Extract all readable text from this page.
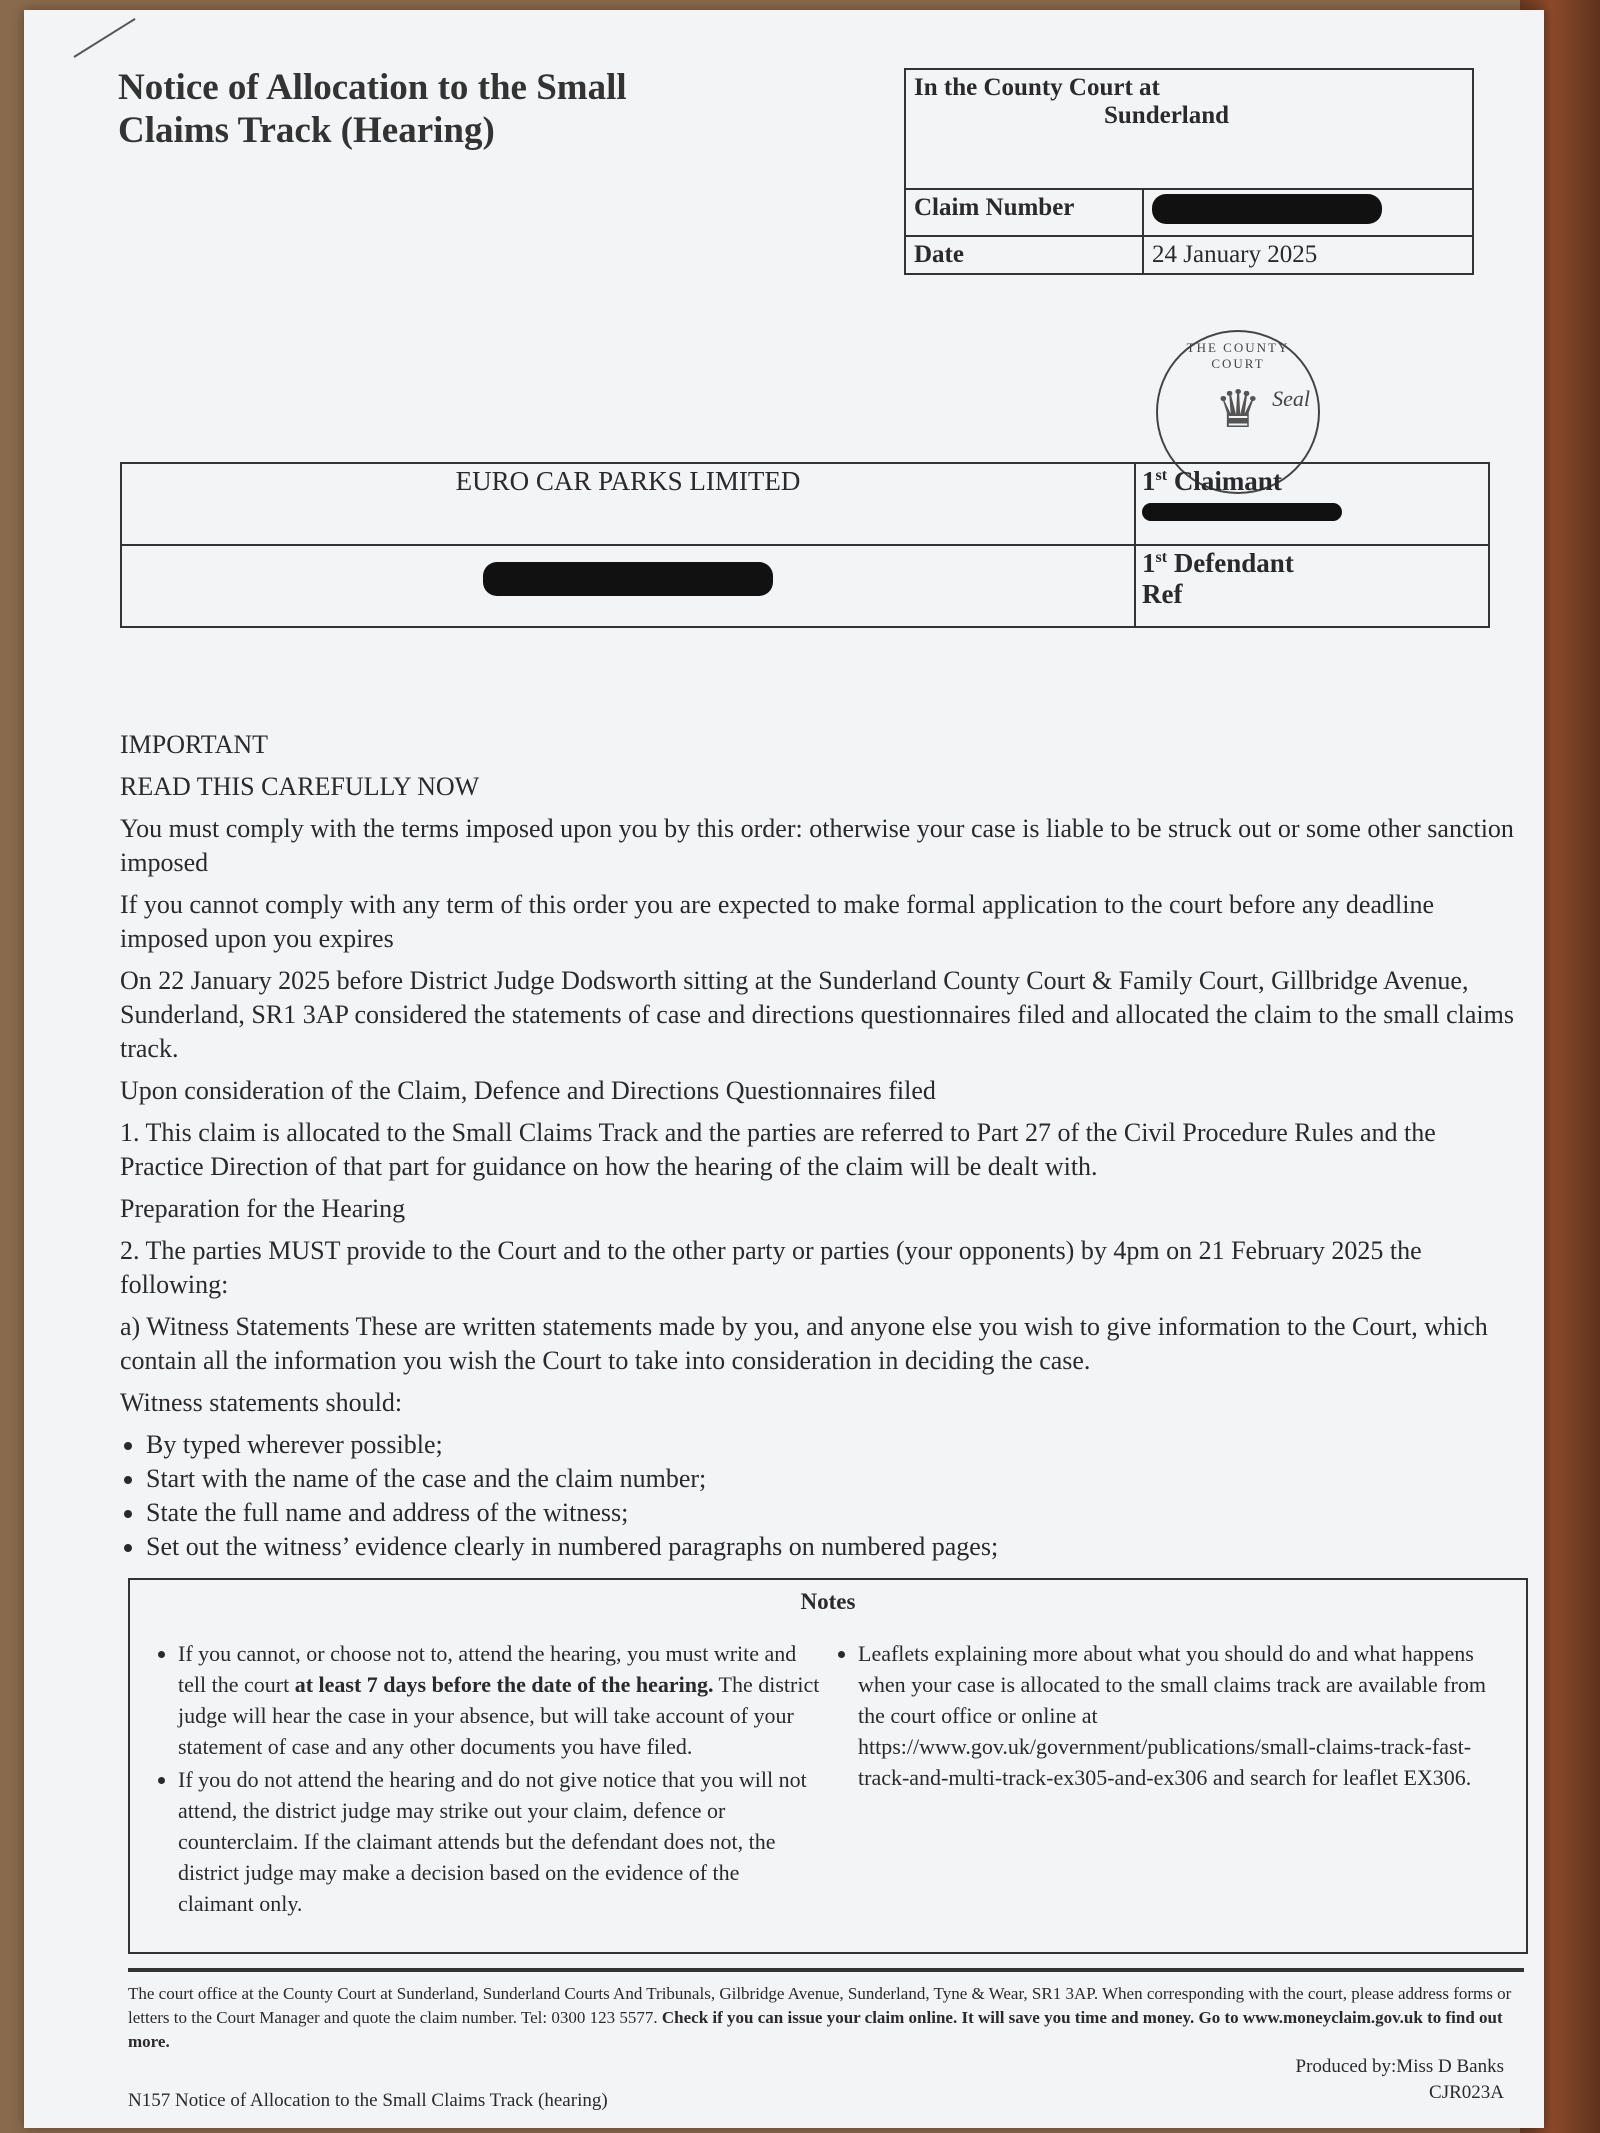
Notice of Allocation to the Small
Claims Track (Hearing)
In the County Court at
Sunderland	

Claim Number	
Date	24 January 2025
THE COUNTY COURT
♛ Seal
EURO CAR PARKS LIMITED	1st Claimant

	1st Defendant
Ref

IMPORTANT

READ THIS CAREFULLY NOW

You must comply with the terms imposed upon you by this order: otherwise your case is liable to be struck out or some other sanction imposed

If you cannot comply with any term of this order you are expected to make formal application to the court before any deadline imposed upon you expires

On 22 January 2025 before District Judge Dodsworth sitting at the Sunderland County Court & Family Court, Gillbridge Avenue, Sunderland, SR1 3AP considered the statements of case and directions questionnaires filed and allocated the claim to the small claims track.

Upon consideration of the Claim, Defence and Directions Questionnaires filed

1. This claim is allocated to the Small Claims Track and the parties are referred to Part 27 of the Civil Procedure Rules and the Practice Direction of that part for guidance on how the hearing of the claim will be dealt with.

Preparation for the Hearing

2. The parties MUST provide to the Court and to the other party or parties (your opponents) by 4pm on 21 February 2025 the following:

a) Witness Statements These are written statements made by you, and anyone else you wish to give information to the Court, which contain all the information you wish the Court to take into consideration in deciding the case.

Witness statements should:

• By typed wherever possible;
• Start with the name of the case and the claim number;
• State the full name and address of the witness;
• Set out the witness’ evidence clearly in numbered paragraphs on numbered pages;
Notes
• If you cannot, or choose not to, attend the hearing, you must write and tell the court at least 7 days before the date of the hearing. The district judge will hear the case in your absence, but will take account of your statement of case and any other documents you have filed.
• If you do not attend the hearing and do not give notice that you will not attend, the district judge may strike out your claim, defence or counterclaim. If the claimant attends but the defendant does not, the district judge may make a decision based on the evidence of the claimant only.
• Leaflets explaining more about what you should do and what happens when your case is allocated to the small claims track are available from the court office or online at https://www.gov.uk/government/publications/small-claims-track-fast-track-and-multi-track-ex305-and-ex306 and search for leaflet EX306.
The court office at the County Court at Sunderland, Sunderland Courts And Tribunals, Gilbridge Avenue, Sunderland, Tyne & Wear, SR1 3AP. When corresponding with the court, please address forms or letters to the Court Manager and quote the claim number. Tel: 0300 123 5577. Check if you can issue your claim online. It will save you time and money. Go to www.moneyclaim.gov.uk to find out more.
Produced by:Miss D Banks
CJR023A
N157 Notice of Allocation to the Small Claims Track (hearing)
